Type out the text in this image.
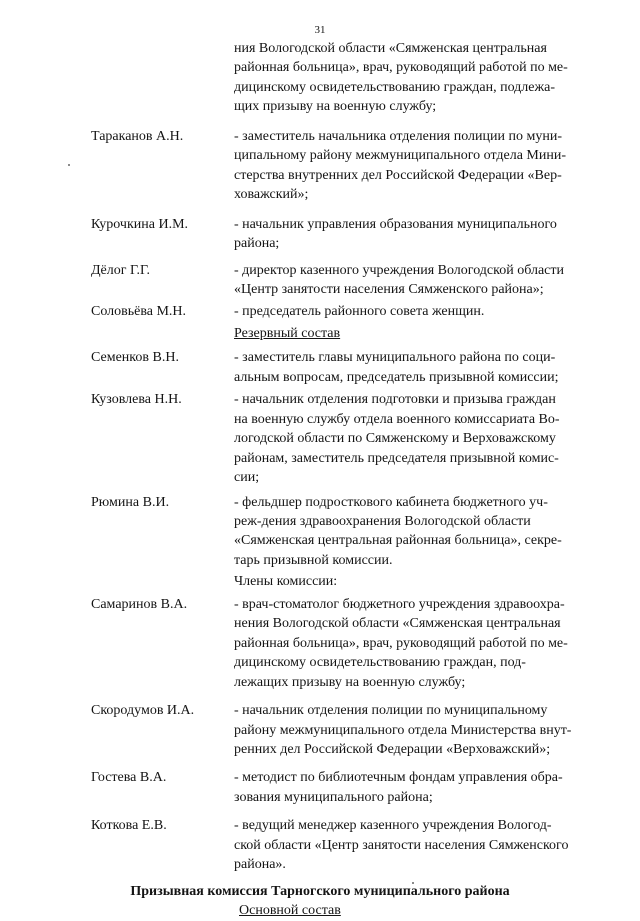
31
ния Вологодской области «Сямженская центральная
районная больница», врач, руководящий работой по ме-
дицинскому освидетельствованию граждан, подлежа-
щих призыву на военную службу;
Тараканов А.Н.	- заместитель начальника отделения полиции по муни-
ципальному району межмуниципального отдела Мини-
стерства внутренних дел Российской Федерации «Вер-
ховажский»;
Курочкина И.М.	- начальник управления образования муниципального
района;
Дёлог Г.Г.	- директор казенного учреждения Вологодской области
«Центр занятости населения Сямженского района»;
Соловьёва М.Н.	- председатель районного совета женщин.
Резервный состав
Семенков В.Н.	- заместитель главы муниципального района по соци-
альным вопросам, председатель призывной комиссии;
Кузовлева Н.Н.	- начальник отделения подготовки и призыва граждан
на военную службу отдела военного комиссариата Во-
логодской области по Сямженскому и Верховажскому
районам, заместитель председателя призывной комис-
сии;
Рюмина В.И.	- фельдшер подросткового кабинета бюджетного уч-
реж-дения здравоохранения Вологодской области
«Сямженская центральная районная больница», секре-
тарь призывной комиссии.
Члены комиссии:
Самаринов В.А.	- врач-стоматолог бюджетного учреждения здравоохра-
нения Вологодской области «Сямженская центральная
районная больница», врач, руководящий работой по ме-
дицинскому освидетельствованию граждан, под-
лежащих призыву на военную службу;
Скородумов И.А.	- начальник отделения полиции по муниципальному
району межмуниципального отдела Министерства внут-
ренних дел Российской Федерации «Верховажский»;
Гостева В.А.	- методист по библиотечным фондам управления обра-
зования муниципального района;
Коткова Е.В.	- ведущий менеджер казенного учреждения Вологод-
ской области «Центр занятости населения Сямженского
района».
Призывная комиссия Тарногского муниципального района
Основной состав
